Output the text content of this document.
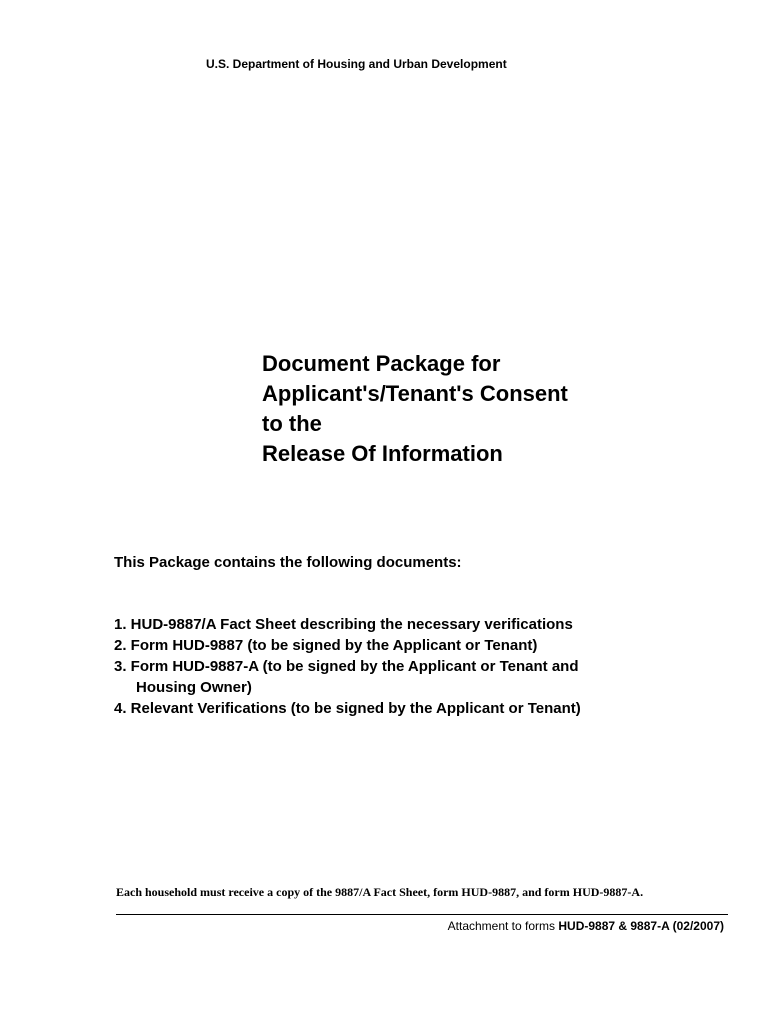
U.S. Department of Housing and Urban Development
Document Package for
Applicant's/Tenant's Consent
to the
Release Of Information
This Package contains the following documents:
1. HUD-9887/A Fact Sheet describing the necessary verifications
2. Form HUD-9887 (to be signed by the Applicant or Tenant)
3. Form HUD-9887-A (to be signed by the Applicant or Tenant and
Housing Owner)
4. Relevant Verifications (to be signed by the Applicant or Tenant)
Each household must receive a copy of the 9887/A Fact Sheet, form HUD-9887, and form HUD-9887-A.
Attachment to forms HUD-9887 & 9887-A (02/2007)
